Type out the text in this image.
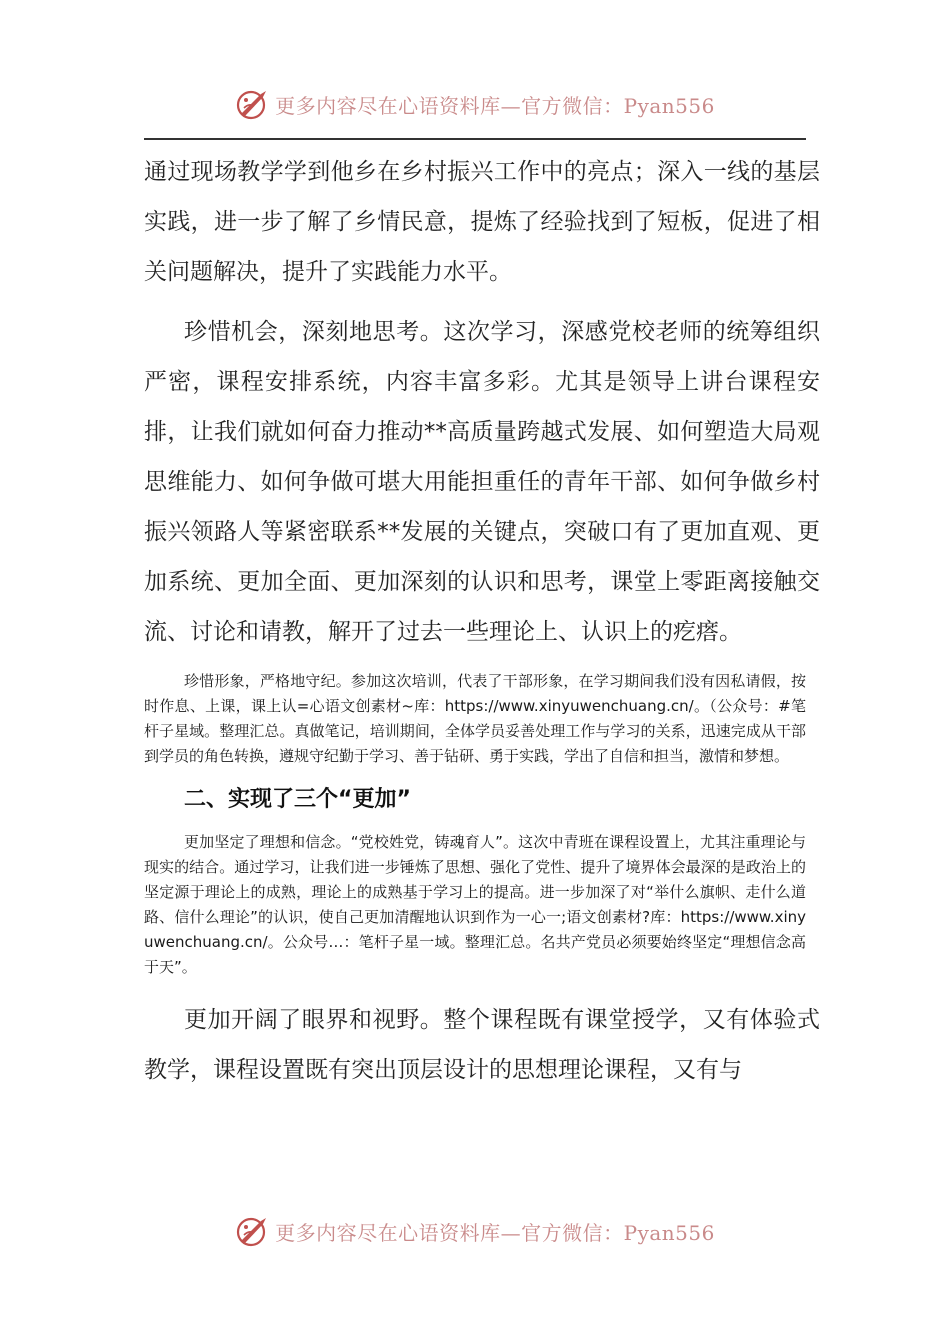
更多内容尽在心语资料库—官方微信：Pyan556

通过现场教学学到他乡在乡村振兴工作中的亮点；深入一线的基层实践，进一步了解了乡情民意，提炼了经验找到了短板，促进了相关问题解决，提升了实践能力水平。

珍惜机会，深刻地思考。这次学习，深感党校老师的统筹组织严密，课程安排系统，内容丰富多彩。尤其是领导上讲台课程安排，让我们就如何奋力推动**高质量跨越式发展、如何塑造大局观思维能力、如何争做可堪大用能担重任的青年干部、如何争做乡村振兴领路人等紧密联系**发展的关键点，突破口有了更加直观、更加系统、更加全面、更加深刻的认识和思考，课堂上零距离接触交流、讨论和请教，解开了过去一些理论上、认识上的疙瘩。

珍惜形象，严格地守纪。参加这次培训，代表了干部形象，在学习期间我们没有因私请假，按时作息、上课，课上认=心语文创素材~库：https://www.xinyuwenchuang.cn/。（公众号：#笔杆子星域。整理汇总。真做笔记，培训期间，全体学员妥善处理工作与学习的关系，迅速完成从干部到学员的角色转换，遵规守纪勤于学习、善于钻研、勇于实践，学出了自信和担当，激情和梦想。

二、实现了三个“更加”

更加坚定了理想和信念。“党校姓党，铸魂育人”。这次中青班在课程设置上，尤其注重理论与现实的结合。通过学习，让我们进一步锤炼了思想、强化了党性、提升了境界体会最深的是政治上的坚定源于理论上的成熟，理论上的成熟基于学习上的提高。进一步加深了对“举什么旗帜、走什么道路、信什么理论”的认识，使自己更加清醒地认识到作为一心一;语文创素材?库：https://www.xinyuwenchuang.cn/。公众号…：笔杆子星一域。整理汇总。名共产党员必须要始终坚定“理想信念高于天”。

更加开阔了眼界和视野。整个课程既有课堂授学，又有体验式教学，课程设置既有突出顶层设计的思想理论课程，又有与

更多内容尽在心语资料库—官方微信：Pyan556
